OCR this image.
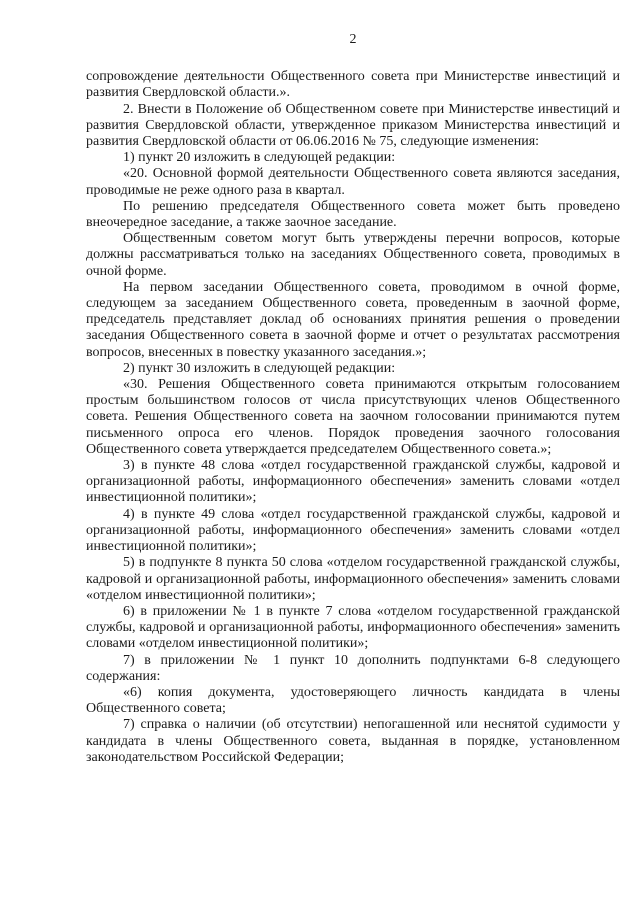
2

сопровождение деятельности Общественного совета при Министерстве инвестиций и развития Свердловской области.».

2. Внести в Положение об Общественном совете при Министерстве инвестиций и развития Свердловской области, утвержденное приказом Министерства инвестиций и развития Свердловской области от 06.06.2016 № 75, следующие изменения:

1) пункт 20 изложить в следующей редакции:

«20. Основной формой деятельности Общественного совета являются заседания, проводимые не реже одного раза в квартал.

По решению председателя Общественного совета может быть проведено внеочередное заседание, а также заочное заседание.

Общественным советом могут быть утверждены перечни вопросов, которые должны рассматриваться только на заседаниях Общественного совета, проводимых в очной форме.

На первом заседании Общественного совета, проводимом в очной форме, следующем за заседанием Общественного совета, проведенным в заочной форме, председатель представляет доклад об основаниях принятия решения о проведении заседания Общественного совета в заочной форме и отчет о результатах рассмотрения вопросов, внесенных в повестку указанного заседания.»;

2) пункт 30 изложить в следующей редакции:

«30. Решения Общественного совета принимаются открытым голосованием простым большинством голосов от числа присутствующих членов Общественного совета. Решения Общественного совета на заочном голосовании принимаются путем письменного опроса его членов. Порядок проведения заочного голосования Общественного совета утверждается председателем Общественного совета.»;

3) в пункте 48 слова «отдел государственной гражданской службы, кадровой и организационной работы, информационного обеспечения» заменить словами «отдел инвестиционной политики»;

4) в пункте 49 слова «отдел государственной гражданской службы, кадровой и организационной работы, информационного обеспечения» заменить словами «отдел инвестиционной политики»;

5) в подпункте 8 пункта 50 слова «отделом государственной гражданской службы, кадровой и организационной работы, информационного обеспечения» заменить словами «отделом инвестиционной политики»;

6) в приложении № 1 в пункте 7 слова «отделом государственной гражданской службы, кадровой и организационной работы, информационного обеспечения» заменить словами «отделом инвестиционной политики»;

7) в приложении № 1 пункт 10 дополнить подпунктами 6-8 следующего содержания:

«6) копия документа, удостоверяющего личность кандидата в члены Общественного совета;

7) справка о наличии (об отсутствии) непогашенной или неснятой судимости у кандидата в члены Общественного совета, выданная в порядке, установленном законодательством Российской Федерации;
